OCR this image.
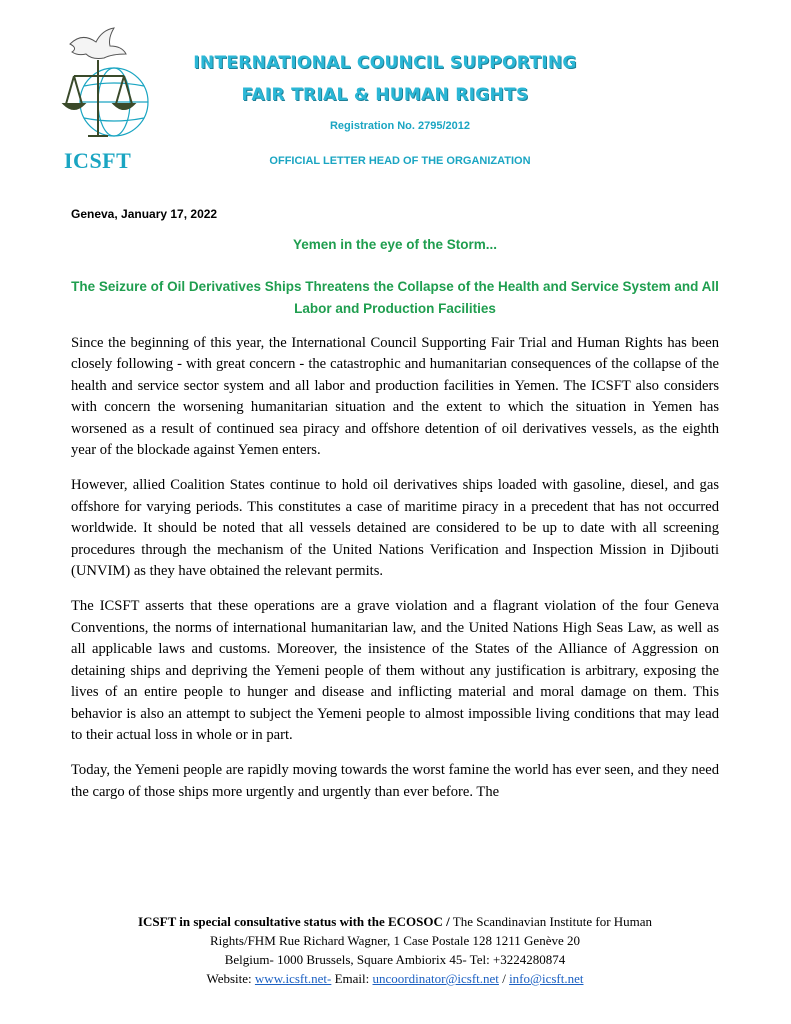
ICSFT
INTERNATIONAL COUNCIL SUPPORTING
FAIR TRIAL & HUMAN RIGHTS
Registration No. 2795/2012
OFFICIAL LETTER HEAD OF THE ORGANIZATION
Geneva, January 17, 2022
Yemen in the eye of the Storm...
The Seizure of Oil Derivatives Ships Threatens the Collapse of the Health and Service System and All Labor and Production Facilities

Since the beginning of this year, the International Council Supporting Fair Trial and Human Rights has been closely following - with great concern - the catastrophic and humanitarian consequences of the collapse of the health and service sector system and all labor and production facilities in Yemen. The ICSFT also considers with concern the worsening humanitarian situation and the extent to which the situation in Yemen has worsened as a result of continued sea piracy and offshore detention of oil derivatives vessels, as the eighth year of the blockade against Yemen enters.

However, allied Coalition States continue to hold oil derivatives ships loaded with gasoline, diesel, and gas offshore for varying periods. This constitutes a case of maritime piracy in a precedent that has not occurred worldwide. It should be noted that all vessels detained are considered to be up to date with all screening procedures through the mechanism of the United Nations Verification and Inspection Mission in Djibouti (UNVIM) as they have obtained the relevant permits.

The ICSFT asserts that these operations are a grave violation and a flagrant violation of the four Geneva Conventions, the norms of international humanitarian law, and the United Nations High Seas Law, as well as all applicable laws and customs. Moreover, the insistence of the States of the Alliance of Aggression on detaining ships and depriving the Yemeni people of them without any justification is arbitrary, exposing the lives of an entire people to hunger and disease and inflicting material and moral damage on them. This behavior is also an attempt to subject the Yemeni people to almost impossible living conditions that may lead to their actual loss in whole or in part.

Today, the Yemeni people are rapidly moving towards the worst famine the world has ever seen, and they need the cargo of those ships more urgently and urgently than ever before. The

ICSFT in special consultative status with the ECOSOC / The Scandinavian Institute for Human
Rights/FHM Rue Richard Wagner, 1 Case Postale 128 1211 Genève 20
Belgium- 1000 Brussels, Square Ambiorix 45- Tel: +3224280874
Website: www.icsft.net- Email: uncoordinator@icsft.net / info@icsft.net
